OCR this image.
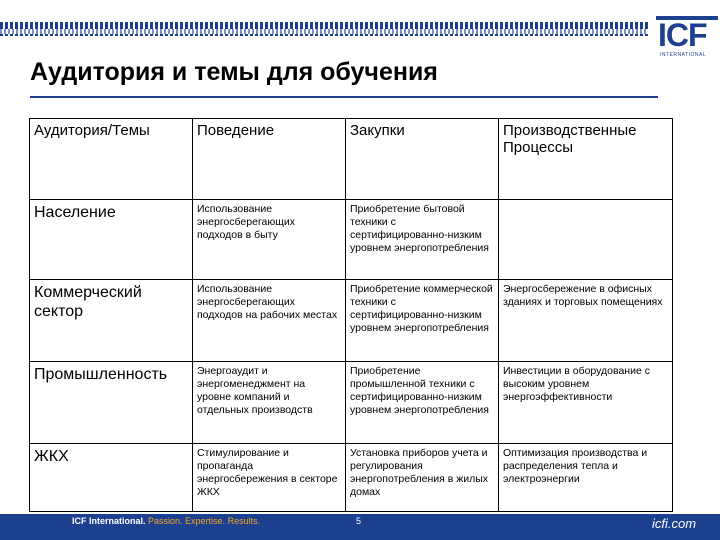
ICF
INTERNATIONAL
Аудитория и темы для обучения
Аудитория/Темы	Поведение	Закупки	Производственные Процессы
Население	Использование энергосберегающих подходов в быту	Приобретение бытовой техники с сертифицированно-низким уровнем энергопотребления	
Коммерческий сектор	Использование энергосберегающих подходов на рабочих местах	Приобретение коммерческой техники с сертифицированно-низким уровнем энергопотребления	Энергосбережение в офисных зданиях и торговых помещениях
Промышленность	Энергоаудит и энергоменеджмент на уровне компаний и отдельных производств	Приобретение промышленной техники с сертифицированно-низким уровнем энергопотребления	Инвестиции в оборудование с высоким уровнем энергоэффективности
ЖКХ	Стимулирование и пропаганда энергосбережения в секторе ЖКХ	Установка приборов учета и регулирования энергопотребления в жилых домах	Оптимизация производства и распределения тепла и электроэнергии
ICF International. Passion. Expertise. Results.	5	icfi.com
